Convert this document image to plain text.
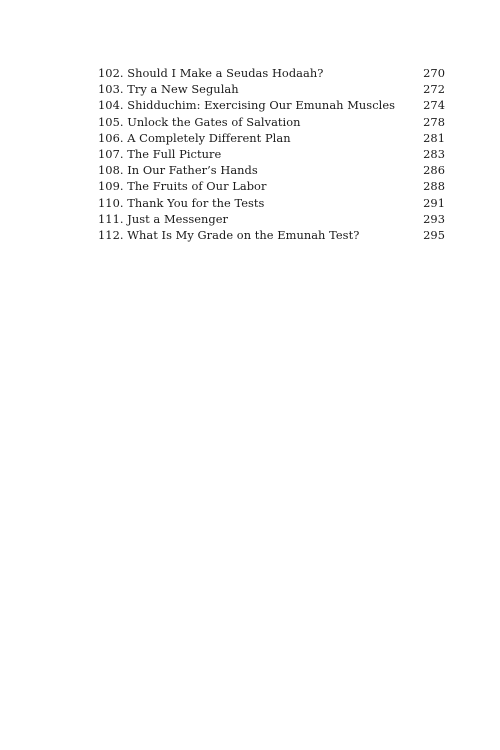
102. Should I Make a Seudas Hodaah?	270
103. Try a New Segulah	272
104. Shidduchim: Exercising Our Emunah Muscles 274
105. Unlock the Gates of Salvation	278
106. A Completely Different Plan	281
107. The Full Picture	283
108. In Our Father’s Hands	286
109. The Fruits of Our Labor	288
110. Thank You for the Tests	291
111. Just a Messenger	293
112. What Is My Grade on the Emunah Test?	295
